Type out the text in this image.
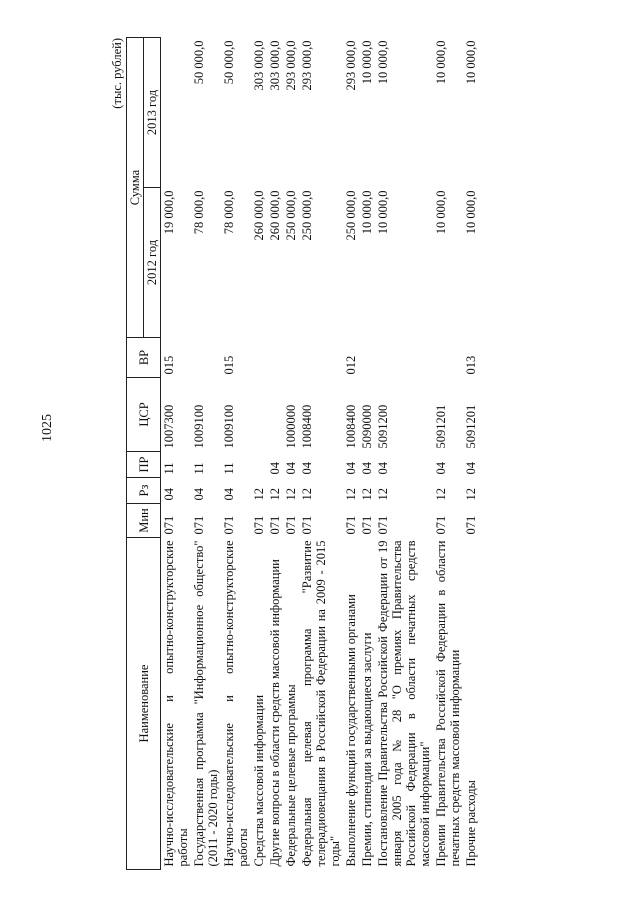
1025
(тыс. рублей)
Наименование	Мин	Рз	ПР	ЦСР	ВР	Сумма	
						2012 год	2013 год
Научно-исследовательские и опытно-конструкторские работы	071	04	11	1007300	015	19 000,0	
Государственная программа "Информационное общество" (2011 - 2020 годы)	071	04	11	1009100		78 000,0	50 000,0
Научно-исследовательские и опытно-конструкторские работы	071	04	11	1009100	015	78 000,0	50 000,0
Средства массовой информации	071	12				260 000,0	303 000,0
Другие вопросы в области средств массовой информации	071	12	04			260 000,0	303 000,0
Федеральные целевые программы	071	12	04	1000000		250 000,0	293 000,0
Федеральная целевая программа "Развитие телерадиовещания в Российской Федерации на 2009 - 2015 годы"	071	12	04	1008400		250 000,0	293 000,0
Выполнение функций государственными органами	071	12	04	1008400	012	250 000,0	293 000,0
Премии, стипендии за выдающиеся заслуги	071	12	04	5090000		10 000,0	10 000,0
Постановление Правительства Российской Федерации от 19 января 2005 года № 28 "О премиях Правительства Российской Федерации в области печатных средств массовой информации"	071	12	04	5091200		10 000,0	10 000,0
Премии Правительства Российской Федерации в области печатных средств массовой информации	071	12	04	5091201		10 000,0	10 000,0
Прочие расходы	071	12	04	5091201	013	10 000,0	10 000,0
